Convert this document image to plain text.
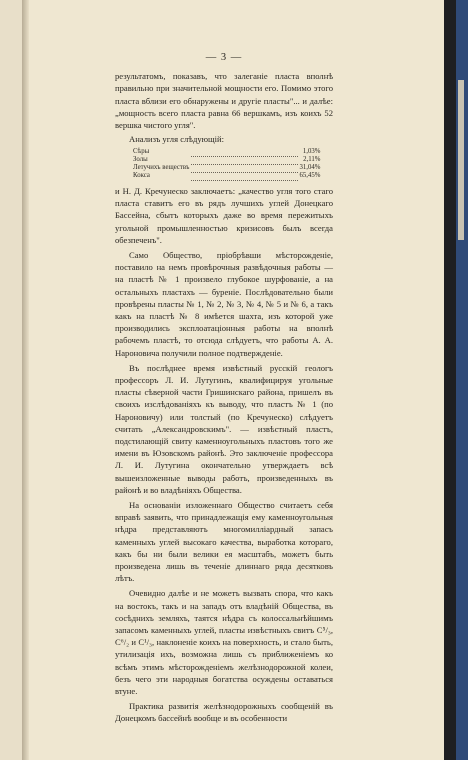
— 3 —

результатомъ, показавъ, что залеганіе пласта вполнѣ правильно при значительной мощности его. Помимо этого пласта вблизи его обнаружены и другіе пласты"... и далѣе: „мощность всего пласта равна 66 вершкамъ, изъ коихъ 52 вершка чистого угля".

Анализъ угля слѣдующій:

Сѣры		1,03%
Золы		2,11%
Летучихъ веществъ		31,04%
Кокса		65,45%

и Н. Д. Кречунеско заключаетъ: „качество угля того стаго пласта ставитъ его въ рядъ лучшихъ углей Донецкаго Бассейна, сбытъ которыхъ даже во время пережитыхъ угольной промышленностью кризисовъ былъ всегда обезпеченъ".

Само Общество, пріобрѣвши мѣсторожденіе, поставило на немъ провѣрочныя развѣдочныя работы — на пластѣ № 1 произвело глубокое шурфованіе, а на остальныхъ пластахъ — буреніе. Послѣдовательно были провѣрены пласты № 1, № 2, № 3, № 4, № 5 и № 6, а такъ какъ на пластѣ № 8 имѣется шахта, изъ которой уже производились эксплоатаціонныя работы на вполнѣ рабочемъ пластѣ, то отсюда слѣдуетъ, что работы А. А. Нароновича получили полное подтвержденіе.

Въ послѣднее время извѣстный русскій геологъ профессоръ Л. И. Лутугинъ, квалифицируя угольные пласты сѣверной части Гришинскаго района, пришелъ въ своихъ изслѣдованіяхъ къ выводу, что пластъ № 1 (по Нароновичу) или толстый (по Кречунеско) слѣдуетъ считать „Александровскимъ". — извѣстный пластъ, подстилающій свиту каменноугольныхъ пластовъ того же имени въ Юзовскомъ районѣ. Это заключеніе профессора Л. И. Лутугина окончательно утверждаетъ всѣ вышеизложенные выводы работъ, произведенныхъ въ районѣ и во владѣніяхъ Общества.

На основаніи изложеннаго Общество считаетъ себя вправѣ заявить, что принадлежащія ему каменноугольныя нѣдра представляютъ многомилліардный запасъ каменныхъ углей высокаго качества, выработка котораго, какъ бы ни были велики ея масштабъ, можетъ быть произведена лишь въ теченіе длиннаго ряда десятковъ лѣтъ.

Очевидно далѣе и не можетъ вызвать спора, что какъ на востокъ, такъ и на западъ отъ владѣній Общества, въ сосѣднихъ земляхъ, таятся нѣдра съ колоссальнѣйшимъ запасомъ каменныхъ углей, пласты извѣстныхъ свитъ C⁵/₃, C⁶/₂ и C¹/₃, наклоненіе коихъ на поверхность, и стало быть, утилизація ихъ, возможна лишь съ приближеніемъ ко всѣмъ этимъ мѣсторожденіемъ желѣзнодорожной колеи, безъ чего эти народныя богатства осуждены оставаться втуне.

Практика развитія желѣзнодорожныхъ сообщеній въ Донецкомъ бассейнѣ вообще и въ особенности
